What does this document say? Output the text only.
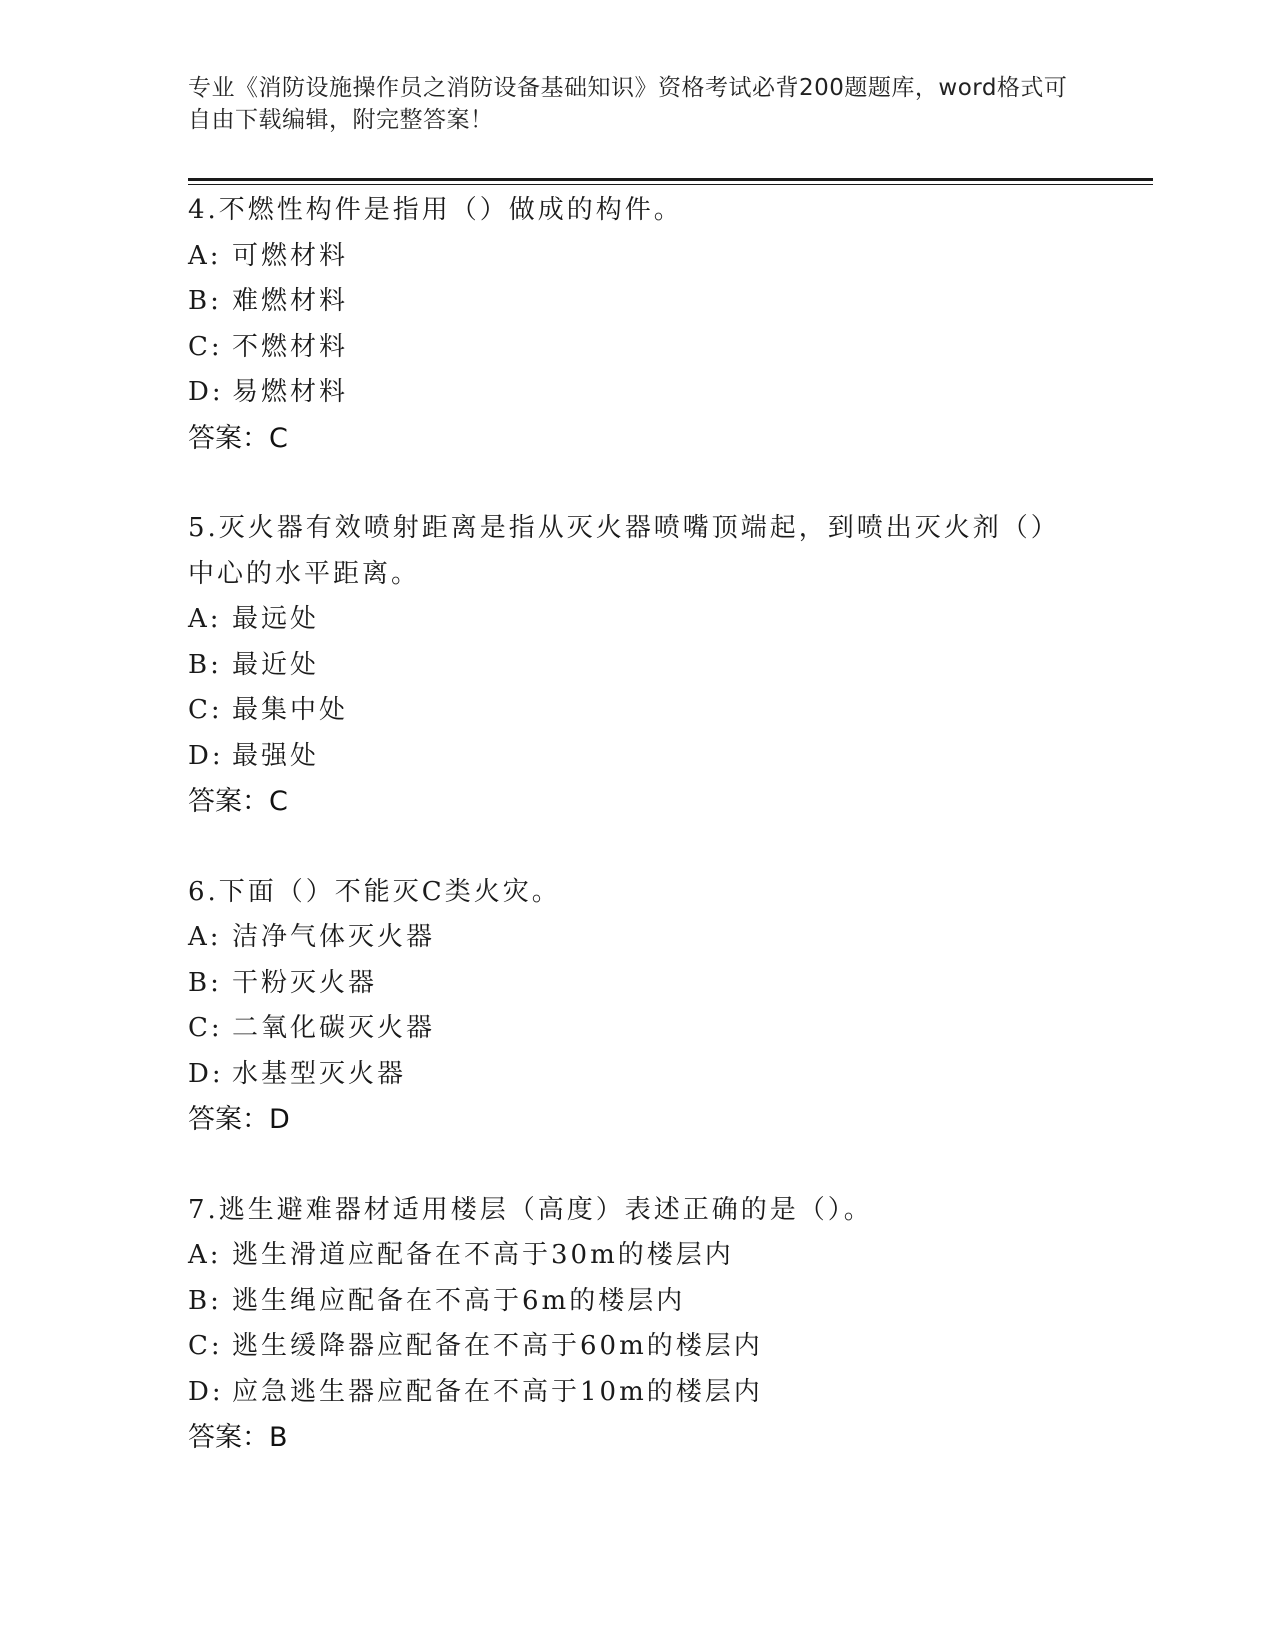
专业《消防设施操作员之消防设备基础知识》资格考试必背200题题库，word格式可自由下载编辑，附完整答案！

4.不燃性构件是指用（）做成的构件。

A: 可燃材料

B: 难燃材料

C: 不燃材料

D: 易燃材料

答案：C

5.灭火器有效喷射距离是指从灭火器喷嘴顶端起，到喷出灭火剂（）中心的水平距离。

A: 最远处

B: 最近处

C: 最集中处

D: 最强处

答案：C

6.下面（）不能灭C类火灾。

A: 洁净气体灭火器

B: 干粉灭火器

C: 二氧化碳灭火器

D: 水基型灭火器

答案：D

7.逃生避难器材适用楼层（高度）表述正确的是（）。

A: 逃生滑道应配备在不高于30m的楼层内

B: 逃生绳应配备在不高于6m的楼层内

C: 逃生缓降器应配备在不高于60m的楼层内

D: 应急逃生器应配备在不高于10m的楼层内

答案：B
